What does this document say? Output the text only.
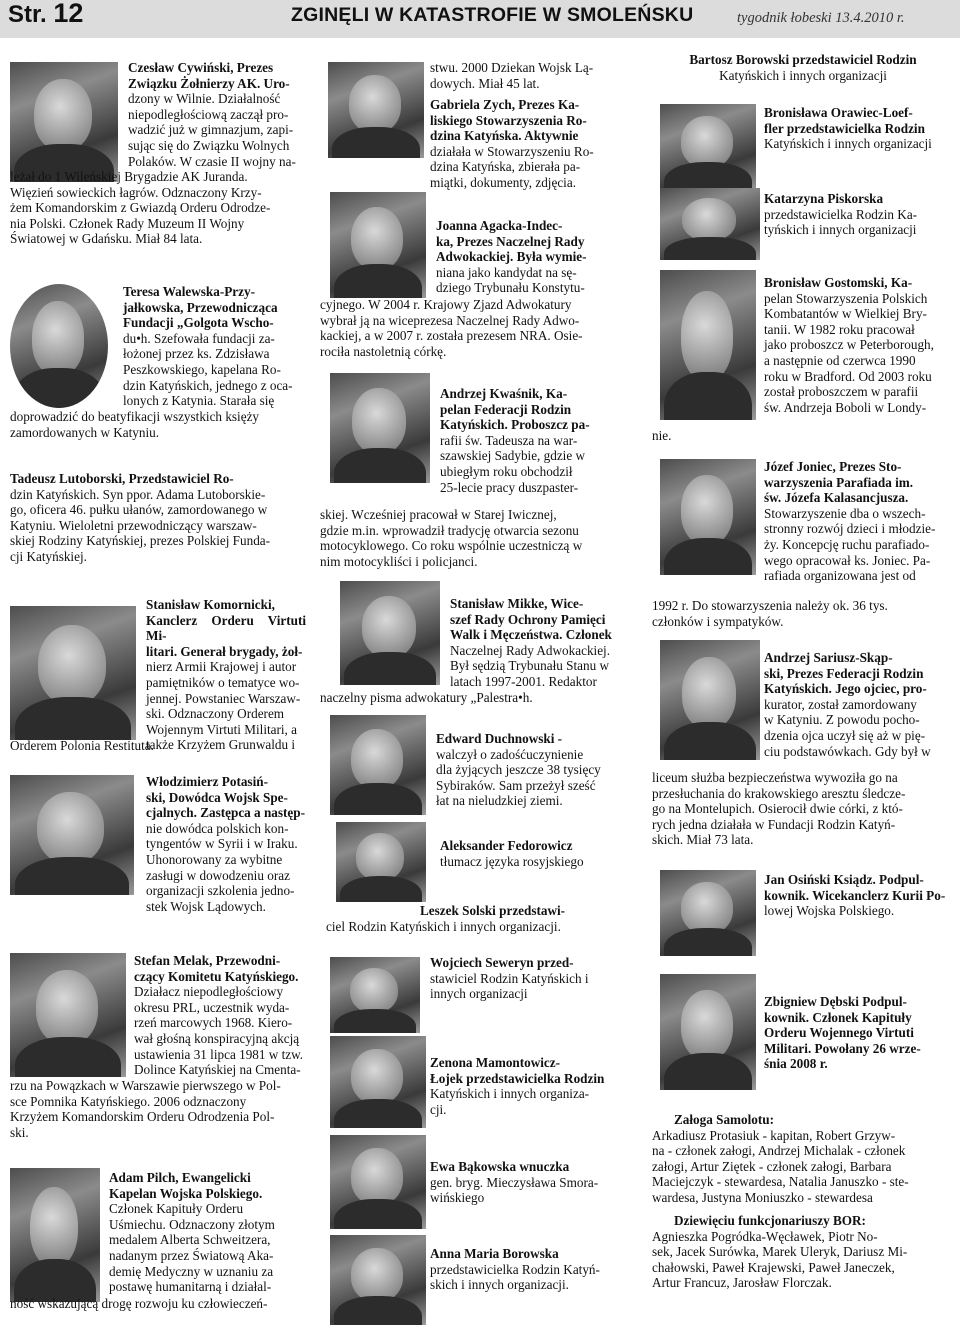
Str. 12	ZGINĘLI W KATASTROFIE W SMOLEŃSKU	tygodnik łobeski 13.4.2010 r.

Czesław Cywiński, Prezes

Związku Żołnierzy AK. Uro-

dzony w Wilnie. Działalność

niepodległościową zaczął pro-

wadzić już w gimnazjum, zapi-

sując się do Związku Wolnych

Polaków. W czasie II wojny na-

leżał do 1 Wileńskiej Brygadzie AK Juranda.

Więzień sowieckich łagrów. Odznaczony Krzy-

żem Komandorskim z Gwiazdą Orderu Odrodze-

nia Polski. Członek Rady Muzeum II Wojny

Światowej w Gdańsku. Miał 84 lata.

Teresa Walewska-Przy-

jałkowska, Przewodnicząca

Fundacji „Golgota Wscho-

du•h. Szefowała fundacji za-

łożonej przez ks. Zdzisława

Peszkowskiego, kapelana Ro-

dzin Katyńskich, jednego z oca-

lonych z Katynia. Starała się

doprowadzić do beatyfikacji wszystkich księży

zamordowanych w Katyniu.

Tadeusz Lutoborski, Przedstawiciel Ro-

dzin Katyńskich. Syn ppor. Adama Lutoborskie-

go, oficera 46. pułku ułanów, zamordowanego w

Katyniu. Wieloletni przewodniczący warszaw-

skiej Rodziny Katyńskiej, prezes Polskiej Funda-

cji Katyńskiej.

Stanisław Komornicki,

Kanclerz Orderu Virtuti Mi-

litari. Generał brygady, żoł-

nierz Armii Krajowej i autor

pamiętników o tematyce wo-

jennej. Powstaniec Warszaw-

ski. Odznaczony Orderem

Wojennym Virtuti Militari, a

także Krzyżem Grunwaldu i

Orderem Polonia Restituta.

Włodzimierz Potasiń-

ski, Dowódca Wojsk Spe-

cjalnych. Zastępca a następ-

nie dowódca polskich kon-

tyngentów w Syrii i w Iraku.

Uhonorowany za wybitne

zasługi w dowodzeniu oraz

organizacji szkolenia jedno-

stek Wojsk Lądowych.

Stefan Melak, Przewodni-

czący Komitetu Katyńskiego.

Działacz niepodległościowy

okresu PRL, uczestnik wyda-

rzeń marcowych 1968. Kiero-

wał głośną konspiracyjną akcją

ustawienia 31 lipca 1981 w tzw.

Dolince Katyńskiej na Cmenta-

rzu na Powązkach w Warszawie pierwszego w Pol-

sce Pomnika Katyńskiego. 2006 odznaczony

Krzyżem Komandorskim Orderu Odrodzenia Pol-

ski.

Adam Pilch, Ewangelicki

Kapelan Wojska Polskiego.

Członek Kapituły Orderu

Uśmiechu. Odznaczony złotym

medalem Alberta Schweitzera,

nadanym przez Światową Aka-

demię Medyczny w uznaniu za

postawę humanitarną i działal-

ność wskazującą drogę rozwoju ku człowieczeń-

stwu. 2000 Dziekan Wojsk Lą-

dowych. Miał 45 lat.

Gabriela Zych, Prezes Ka-

liskiego Stowarzyszenia Ro-

dzina Katyńska. Aktywnie

działała w Stowarzyszeniu Ro-

dzina Katyńska, zbierała pa-

miątki, dokumenty, zdjęcia.

Joanna Agacka-Indec-

ka, Prezes Naczelnej Rady

Adwokackiej. Była wymie-

niana jako kandydat na sę-

dziego Trybunału Konstytu-

cyjnego. W 2004 r. Krajowy Zjazd Adwokatury

wybrał ją na wiceprezesa Naczelnej Rady Adwo-

kackiej, a w 2007 r. została prezesem NRA. Osie-

rociła nastoletnią córkę.

Andrzej Kwaśnik, Ka-

pelan Federacji Rodzin

Katyńskich. Proboszcz pa-

rafii św. Tadeusza na war-

szawskiej Sadybie, gdzie w

ubiegłym roku obchodził

25-lecie pracy duszpaster-

skiej. Wcześniej pracował w Starej Iwicznej,

gdzie m.in. wprowadził tradycję otwarcia sezonu

motocyklowego. Co roku wspólnie uczestniczą w

nim motocykliści i policjanci.

Stanisław Mikke, Wice-

szef Rady Ochrony Pamięci

Walk i Męczeństwa. Członek

Naczelnej Rady Adwokackiej.

Był sędzią Trybunału Stanu w

latach 1997-2001. Redaktor

naczelny pisma adwokatury „Palestra•h.

Edward Duchnowski -

walczył o zadośćuczynienie

dla żyjących jeszcze 38 tysięcy

Sybiraków. Sam przeżył sześć

łat na nieludzkiej ziemi.

Aleksander Fedorowicz

tłumacz języka rosyjskiego

Leszek Solski przedstawi-

ciel Rodzin Katyńskich i innych organizacji.

Wojciech Seweryn przed-

stawiciel Rodzin Katyńskich i

innych organizacji

Zenona Mamontowicz-

Łojek przedstawicielka Rodzin

Katyńskich i innych organiza-

cji.

Ewa Bąkowska wnuczka

gen. bryg. Mieczysława Smora-

wińskiego

Anna Maria Borowska

przedstawicielka Rodzin Katyń-

skich i innych organizacji.

Bartosz Borowski przedstawiciel Rodzin

Katyńskich i innych organizacji

Bronisława Orawiec-Loef-

fler przedstawicielka Rodzin

Katyńskich i innych organizacji

Katarzyna Piskorska

przedstawicielka Rodzin Ka-

tyńskich i innych organizacji

Bronisław Gostomski, Ka-

pelan Stowarzyszenia Polskich

Kombatantów w Wielkiej Bry-

tanii. W 1982 roku pracował

jako proboszcz w Peterborough,

a następnie od czerwca 1990

roku w Bradford. Od 2003 roku

został proboszczem w parafii

św. Andrzeja Boboli w Londy-

nie.

Józef Joniec, Prezes Sto-

warzyszenia Parafiada im.

św. Józefa Kalasancjusza.

Stowarzyszenie dba o wszech-

stronny rozwój dzieci i młodzie-

ży. Koncepcję ruchu parafiado-

wego opracował ks. Joniec. Pa-

rafiada organizowana jest od

1992 r. Do stowarzyszenia należy ok. 36 tys.

członków i sympatyków.

Andrzej Sariusz-Skąp-

ski, Prezes Federacji Rodzin

Katyńskich. Jego ojciec, pro-

kurator, został zamordowany

w Katyniu. Z powodu pocho-

dzenia ojca uczył się aż w pię-

ciu podstawówkach. Gdy był w

liceum służba bezpieczeństwa wywoziła go na

przesłuchania do krakowskiego aresztu śledcze-

go na Montelupich. Osierocił dwie córki, z któ-

rych jedna działała w Fundacji Rodzin Katyń-

skich. Miał 73 lata.

Jan Osiński Ksiądz. Podpul-

kownik. Wicekanclerz Kurii Po-

lowej Wojska Polskiego.

Zbigniew Dębski Podpul-

kownik. Członek Kapituły

Orderu Wojennego Virtuti

Militari. Powołany 26 wrze-

śnia 2008 r.

Załoga Samolotu:

Arkadiusz Protasiuk - kapitan, Robert Grzyw-

na - członek załogi, Andrzej Michalak - członek

załogi, Artur Ziętek - członek załogi, Barbara

Maciejczyk - stewardesa, Natalia Januszko - ste-

wardesa, Justyna Moniuszko - stewardesa

Dziewięciu funkcjonariuszy BOR:

Agnieszka Pogródka-Węcławek, Piotr No-

sek, Jacek Surówka, Marek Uleryk, Dariusz Mi-

chałowski, Paweł Krajewski, Paweł Janeczek,

Artur Francuz, Jarosław Florczak.
